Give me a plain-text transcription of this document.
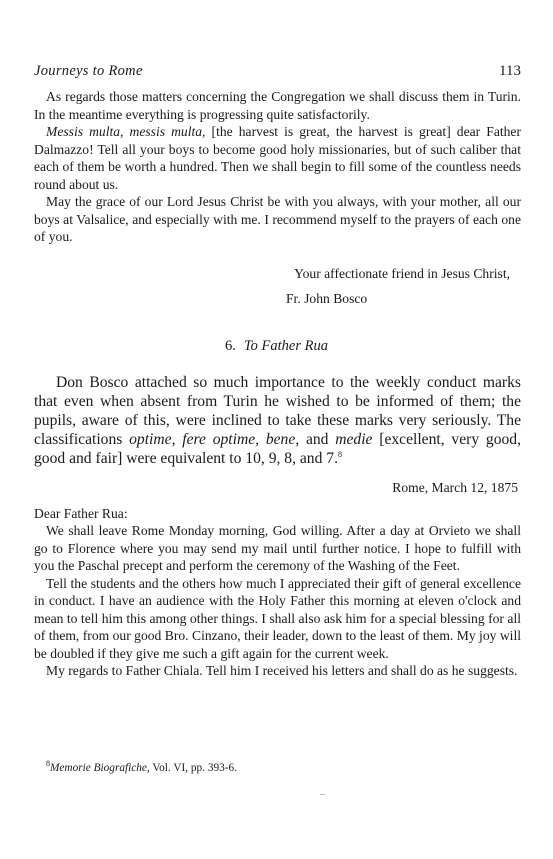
Journeys to Rome	113

As regards those matters concerning the Congregation we shall discuss them in Turin. In the meantime everything is progressing quite satisfactorily.

Messis multa, messis multa, [the harvest is great, the harvest is great] dear Father Dalmazzo! Tell all your boys to become good holy missionaries, but of such caliber that each of them be worth a hundred. Then we shall begin to fill some of the countless needs round about us.

May the grace of our Lord Jesus Christ be with you always, with your mother, all our boys at Valsalice, and especially with me. I recommend myself to the prayers of each one of you.

Your affectionate friend in Jesus Christ,

Fr. John Bosco

6. To Father Rua

Don Bosco attached so much importance to the weekly conduct marks that even when absent from Turin he wished to be informed of them; the pupils, aware of this, were inclined to take these marks very seriously. The classifications optime, fere optime, bene, and medie [excellent, very good, good and fair] were equivalent to 10, 9, 8, and 7.$^8$

Rome, March 12, 1875

Dear Father Rua:

We shall leave Rome Monday morning, God willing. After a day at Orvieto we shall go to Florence where you may send my mail until further notice. I hope to fulfill with you the Paschal precept and perform the ceremony of the Washing of the Feet.

Tell the students and the others how much I appreciated their gift of general excellence in conduct. I have an audience with the Holy Father this morning at eleven o'clock and mean to tell him this among other things. I shall also ask him for a special blessing for all of them, from our good Bro. Cinzano, their leader, down to the least of them. My joy will be doubled if they give me such a gift again for the current week.

My regards to Father Chiala. Tell him I received his letters and shall do as he suggests.

$^8$Memorie Biografiche, Vol. VI, pp. 393-6.
